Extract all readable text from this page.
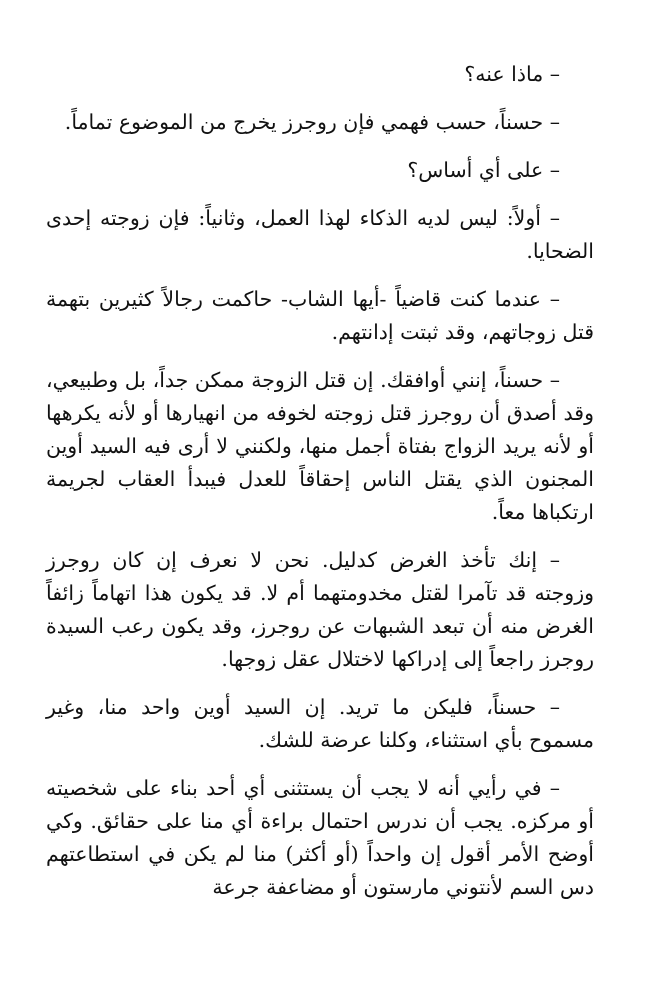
– ماذا عنه؟

– حسناً، حسب فهمي فإن روجرز يخرج من الموضوع تماماً.

– على أي أساس؟

– أولاً: ليس لديه الذكاء لهذا العمل، وثانياً: فإن زوجته إحدى الضحايا.

– عندما كنت قاضياً -أيها الشاب- حاكمت رجالاً كثيرين بتهمة قتل زوجاتهم، وقد ثبتت إدانتهم.

– حسناً، إنني أوافقك. إن قتل الزوجة ممكن جداً، بل وطبيعي، وقد أصدق أن روجرز قتل زوجته لخوفه من انهيارها أو لأنه يكرهها أو لأنه يريد الزواج بفتاة أجمل منها، ولكنني لا أرى فيه السيد أوين المجنون الذي يقتل الناس إحقاقاً للعدل فيبدأ العقاب لجريمة ارتكباها معاً.

– إنك تأخذ الغرض كدليل. نحن لا نعرف إن كان روجرز وزوجته قد تآمرا لقتل مخدومتهما أم لا. قد يكون هذا اتهاماً زائفاً الغرض منه أن تبعد الشبهات عن روجرز، وقد يكون رعب السيدة روجرز راجعاً إلى إدراكها لاختلال عقل زوجها.

– حسناً، فليكن ما تريد. إن السيد أوين واحد منا، وغير مسموح بأي استثناء، وكلنا عرضة للشك.

– في رأيي أنه لا يجب أن يستثنى أي أحد بناء على شخصيته أو مركزه. يجب أن ندرس احتمال براءة أي منا على حقائق. وكي أوضح الأمر أقول إن واحداً (أو أكثر) منا لم يكن في استطاعتهم دس السم لأنتوني مارستون أو مضاعفة جرعة
